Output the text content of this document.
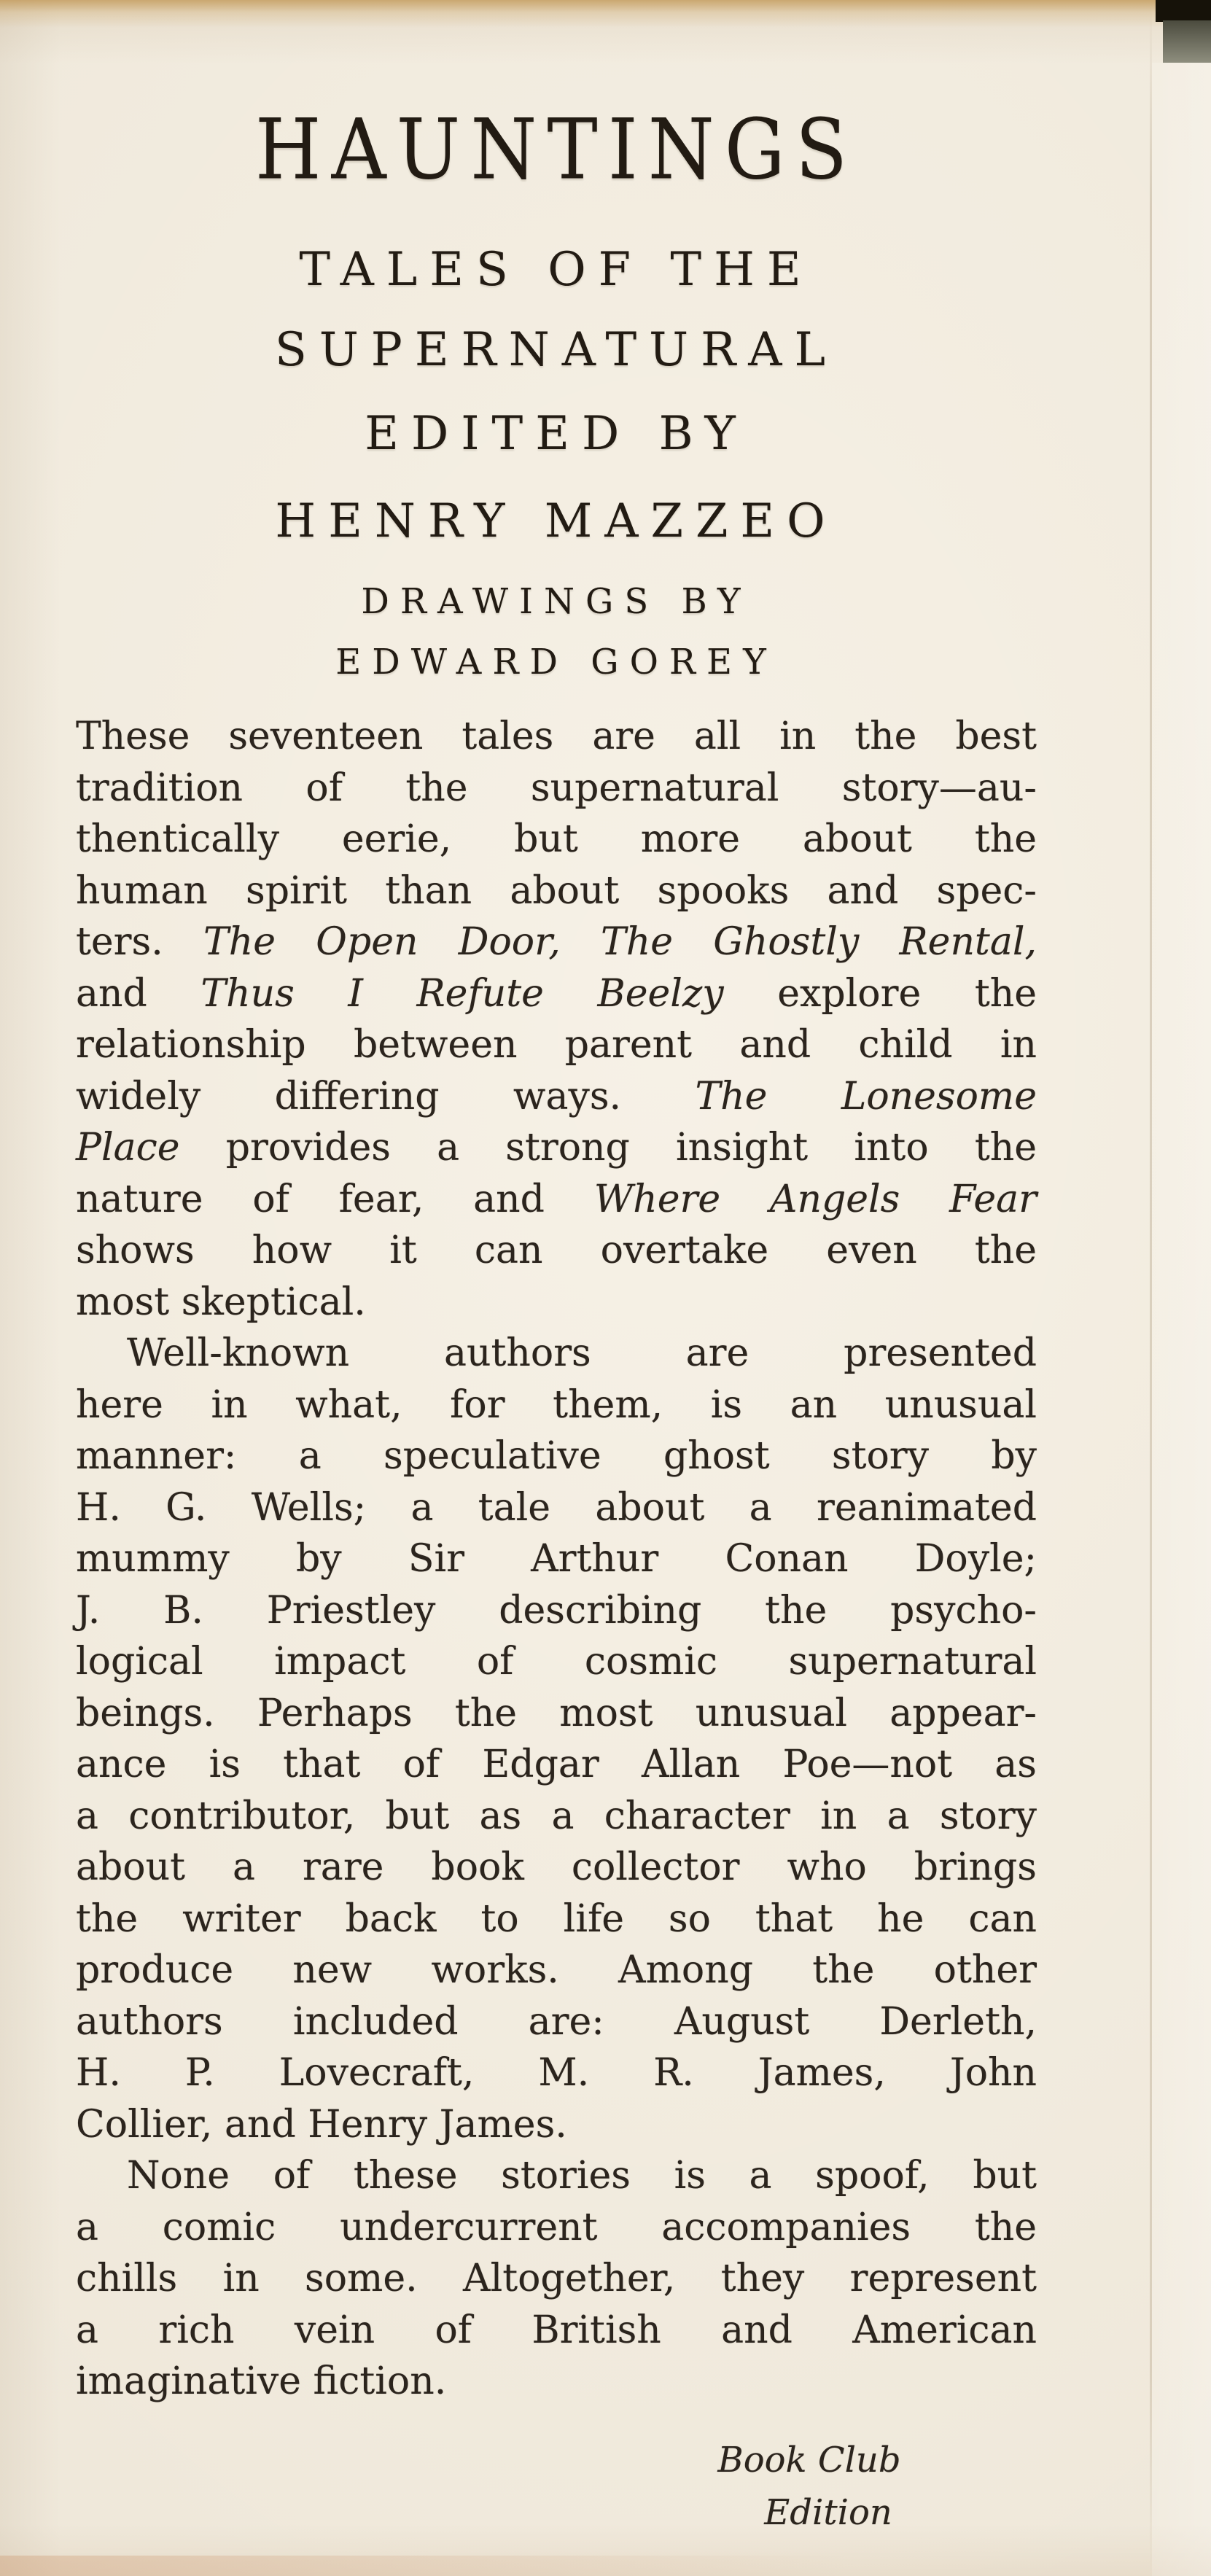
HAUNTINGS
TALES OF THE
SUPERNATURAL
EDITED BY
HENRY MAZZEO
DRAWINGS BY
EDWARD GOREY
These seventeen tales are all in the best
tradition of the supernatural story—au-
thentically eerie, but more about the
human spirit than about spooks and spec-
ters. The Open Door, The Ghostly Rental,
and Thus I Refute Beelzy explore the
relationship between parent and child in
widely differing ways. The Lonesome
Place provides a strong insight into the
nature of fear, and Where Angels Fear
shows how it can overtake even the
most skeptical.
Well-known authors are presented
here in what, for them, is an unusual
manner: a speculative ghost story by
H. G. Wells; a tale about a reanimated
mummy by Sir Arthur Conan Doyle;
J. B. Priestley describing the psycho-
logical impact of cosmic supernatural
beings. Perhaps the most unusual appear-
ance is that of Edgar Allan Poe—not as
a contributor, but as a character in a story
about a rare book collector who brings
the writer back to life so that he can
produce new works. Among the other
authors included are: August Derleth,
H. P. Lovecraft, M. R. James, John
Collier, and Henry James.
None of these stories is a spoof, but
a comic undercurrent accompanies the
chills in some. Altogether, they represent
a rich vein of British and American
imaginative fiction.
Book Club
Edition
